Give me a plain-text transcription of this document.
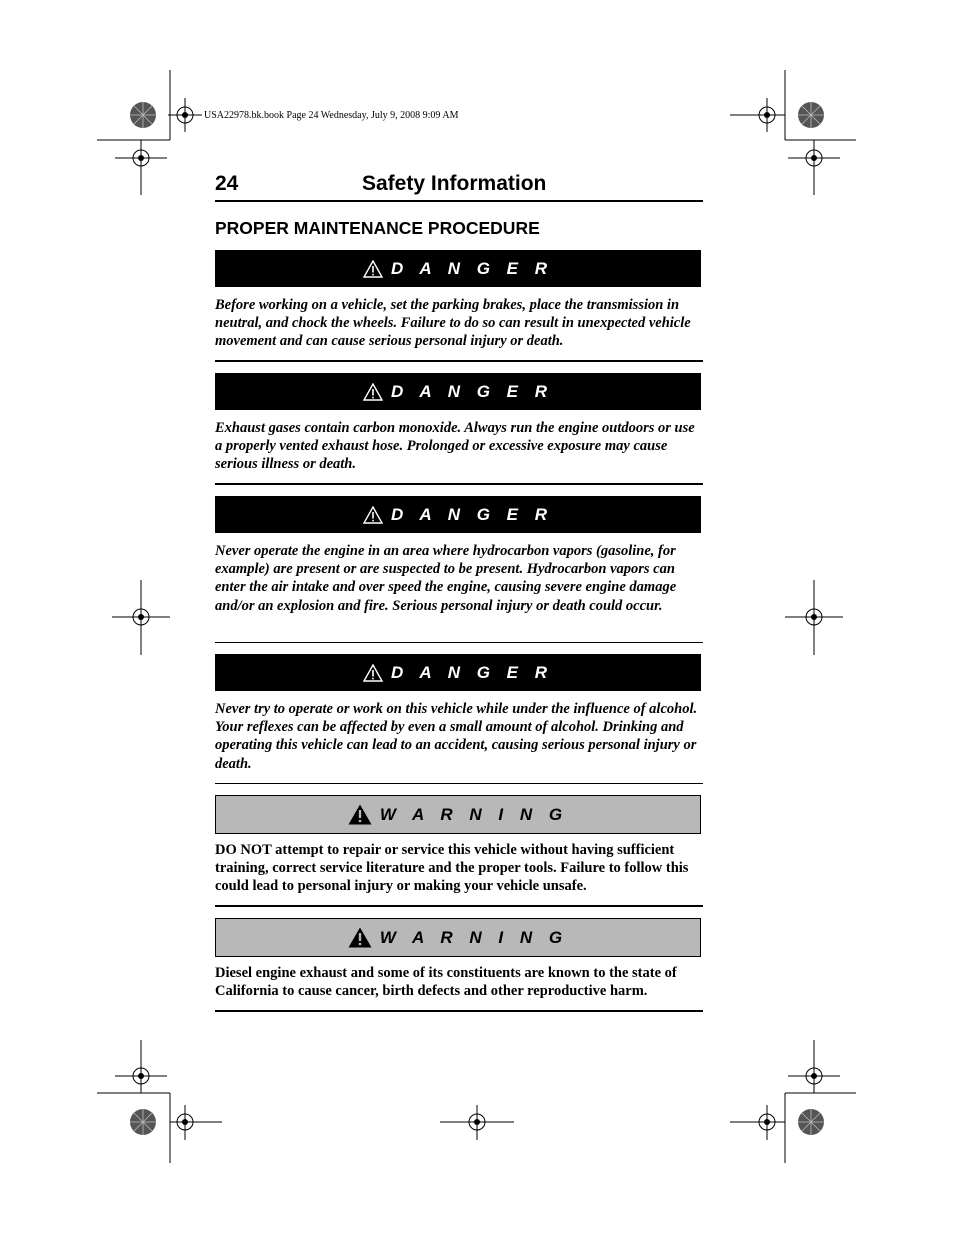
USA22978.bk.book Page 24 Wednesday, July 9, 2008 9:09 AM
24	Safety Information
PROPER MAINTENANCE PROCEDURE
D A N G E R
Before working on a vehicle, set the parking brakes, place the transmission in neutral, and chock the wheels. Failure to do so can result in unexpected vehicle movement and can cause serious personal injury or death.
D A N G E R
Exhaust gases contain carbon monoxide. Always run the engine outdoors or use a properly vented exhaust hose. Prolonged or excessive exposure may cause serious illness or death.
D A N G E R
Never operate the engine in an area where hydrocarbon vapors (gasoline, for example) are present or are suspected to be present. Hydrocarbon vapors can enter the air intake and over speed the engine, causing severe engine damage and/or an explosion and fire. Serious personal injury or death could occur.
D A N G E R
Never try to operate or work on this vehicle while under the influence of alcohol. Your reflexes can be affected by even a small amount of alcohol. Drinking and operating this vehicle can lead to an accident, causing serious personal injury or death.
W A R N I N G
DO NOT attempt to repair or service this vehicle without having sufficient training, correct service literature and the proper tools. Failure to follow this could lead to personal injury or making your vehicle unsafe.
W A R N I N G
Diesel engine exhaust and some of its constituents are known to the state of California to cause cancer, birth defects and other reproductive harm.
